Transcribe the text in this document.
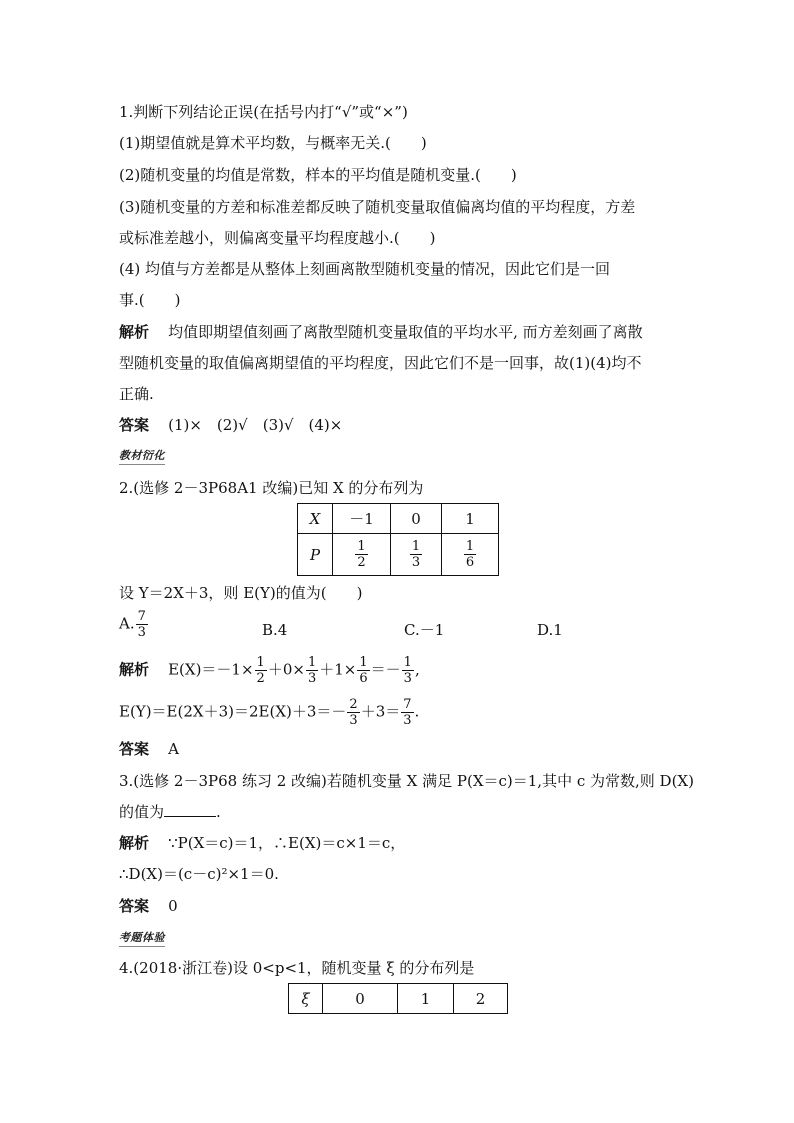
1.判断下列结论正误(在括号内打“√”或“×”)
(1)期望值就是算术平均数，与概率无关.(　　)
(2)随机变量的均值是常数，样本的平均值是随机变量.(　　)
(3)随机变量的方差和标准差都反映了随机变量取值偏离均值的平均程度，方差
或标准差越小，则偏离变量平均程度越小.(　　)
(4) 均值与方差都是从整体上刻画离散型随机变量的情况，因此它们是一回
事.(　　)
解析 均值即期望值刻画了离散型随机变量取值的平均水平, 而方差刻画了离散
型随机变量的取值偏离期望值的平均程度，因此它们不是一回事，故(1)(4)均不
正确.
答案 (1)×　(2)√　(3)√　(4)×
教材衍化
2.(选修 2－3P68A1 改编)已知 X 的分布列为
X	－1	0	1
P	$\frac{1}{2}$	$\frac{1}{3}$	$\frac{1}{6}$
设 Y＝2X＋3，则 E(Y)的值为(　　)
A. $\frac{7}{3}$	B.4	C.－1	D.1
解析 $E(X)=-1\times \frac{1}{2} +0\times \frac{1}{3} +1\times \frac{1}{6} =- \frac{1}{3}$ ,
$E(Y)=E(2X+3)=2E(X)+3=- \frac{2}{3} +3= \frac{7}{3}$ .
答案 A
3.(选修 2－3P68 练习 2 改编)若随机变量 X 满足 P(X＝c)＝1,其中 c 为常数,则 D(X)
的值为	.
解析 ∵P(X＝c)＝1，∴E(X)＝c×1＝c，
∴D(X)＝(c－c)²×1＝0.
答案 0
考题体验
4.(2018·浙江卷)设 0<p<1，随机变量 ξ 的分布列是
ξ	0	1	2
